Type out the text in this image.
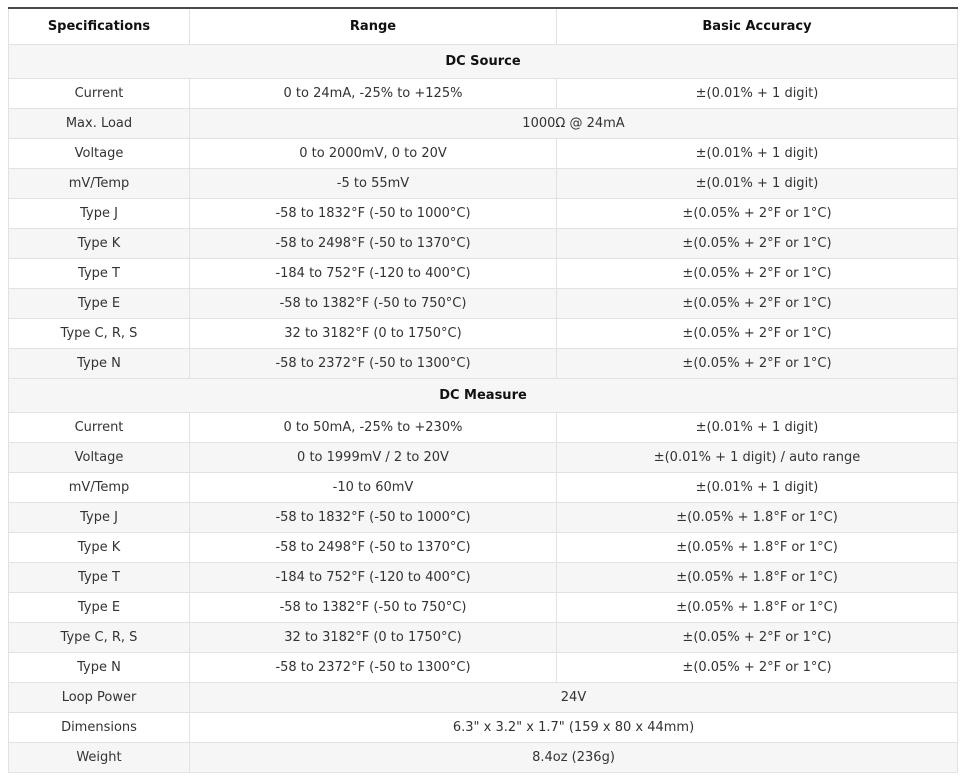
Specifications	Range	Basic Accuracy
DC Source		
Current	0 to 24mA, -25% to +125%	±(0.01% + 1 digit)
Max. Load	1000Ω @ 24mA	
Voltage	0 to 2000mV, 0 to 20V	±(0.01% + 1 digit)
mV/Temp	-5 to 55mV	±(0.01% + 1 digit)
Type J	-58 to 1832°F (-50 to 1000°C)	±(0.05% + 2°F or 1°C)
Type K	-58 to 2498°F (-50 to 1370°C)	±(0.05% + 2°F or 1°C)
Type T	-184 to 752°F (-120 to 400°C)	±(0.05% + 2°F or 1°C)
Type E	-58 to 1382°F (-50 to 750°C)	±(0.05% + 2°F or 1°C)
Type C, R, S	32 to 3182°F (0 to 1750°C)	±(0.05% + 2°F or 1°C)
Type N	-58 to 2372°F (-50 to 1300°C)	±(0.05% + 2°F or 1°C)
DC Measure		
Current	0 to 50mA, -25% to +230%	±(0.01% + 1 digit)
Voltage	0 to 1999mV / 2 to 20V	±(0.01% + 1 digit) / auto range
mV/Temp	-10 to 60mV	±(0.01% + 1 digit)
Type J	-58 to 1832°F (-50 to 1000°C)	±(0.05% + 1.8°F or 1°C)
Type K	-58 to 2498°F (-50 to 1370°C)	±(0.05% + 1.8°F or 1°C)
Type T	-184 to 752°F (-120 to 400°C)	±(0.05% + 1.8°F or 1°C)
Type E	-58 to 1382°F (-50 to 750°C)	±(0.05% + 1.8°F or 1°C)
Type C, R, S	32 to 3182°F (0 to 1750°C)	±(0.05% + 2°F or 1°C)
Type N	-58 to 2372°F (-50 to 1300°C)	±(0.05% + 2°F or 1°C)
Loop Power	24V	
Dimensions	6.3" x 3.2" x 1.7" (159 x 80 x 44mm)	
Weight	8.4oz (236g)	
